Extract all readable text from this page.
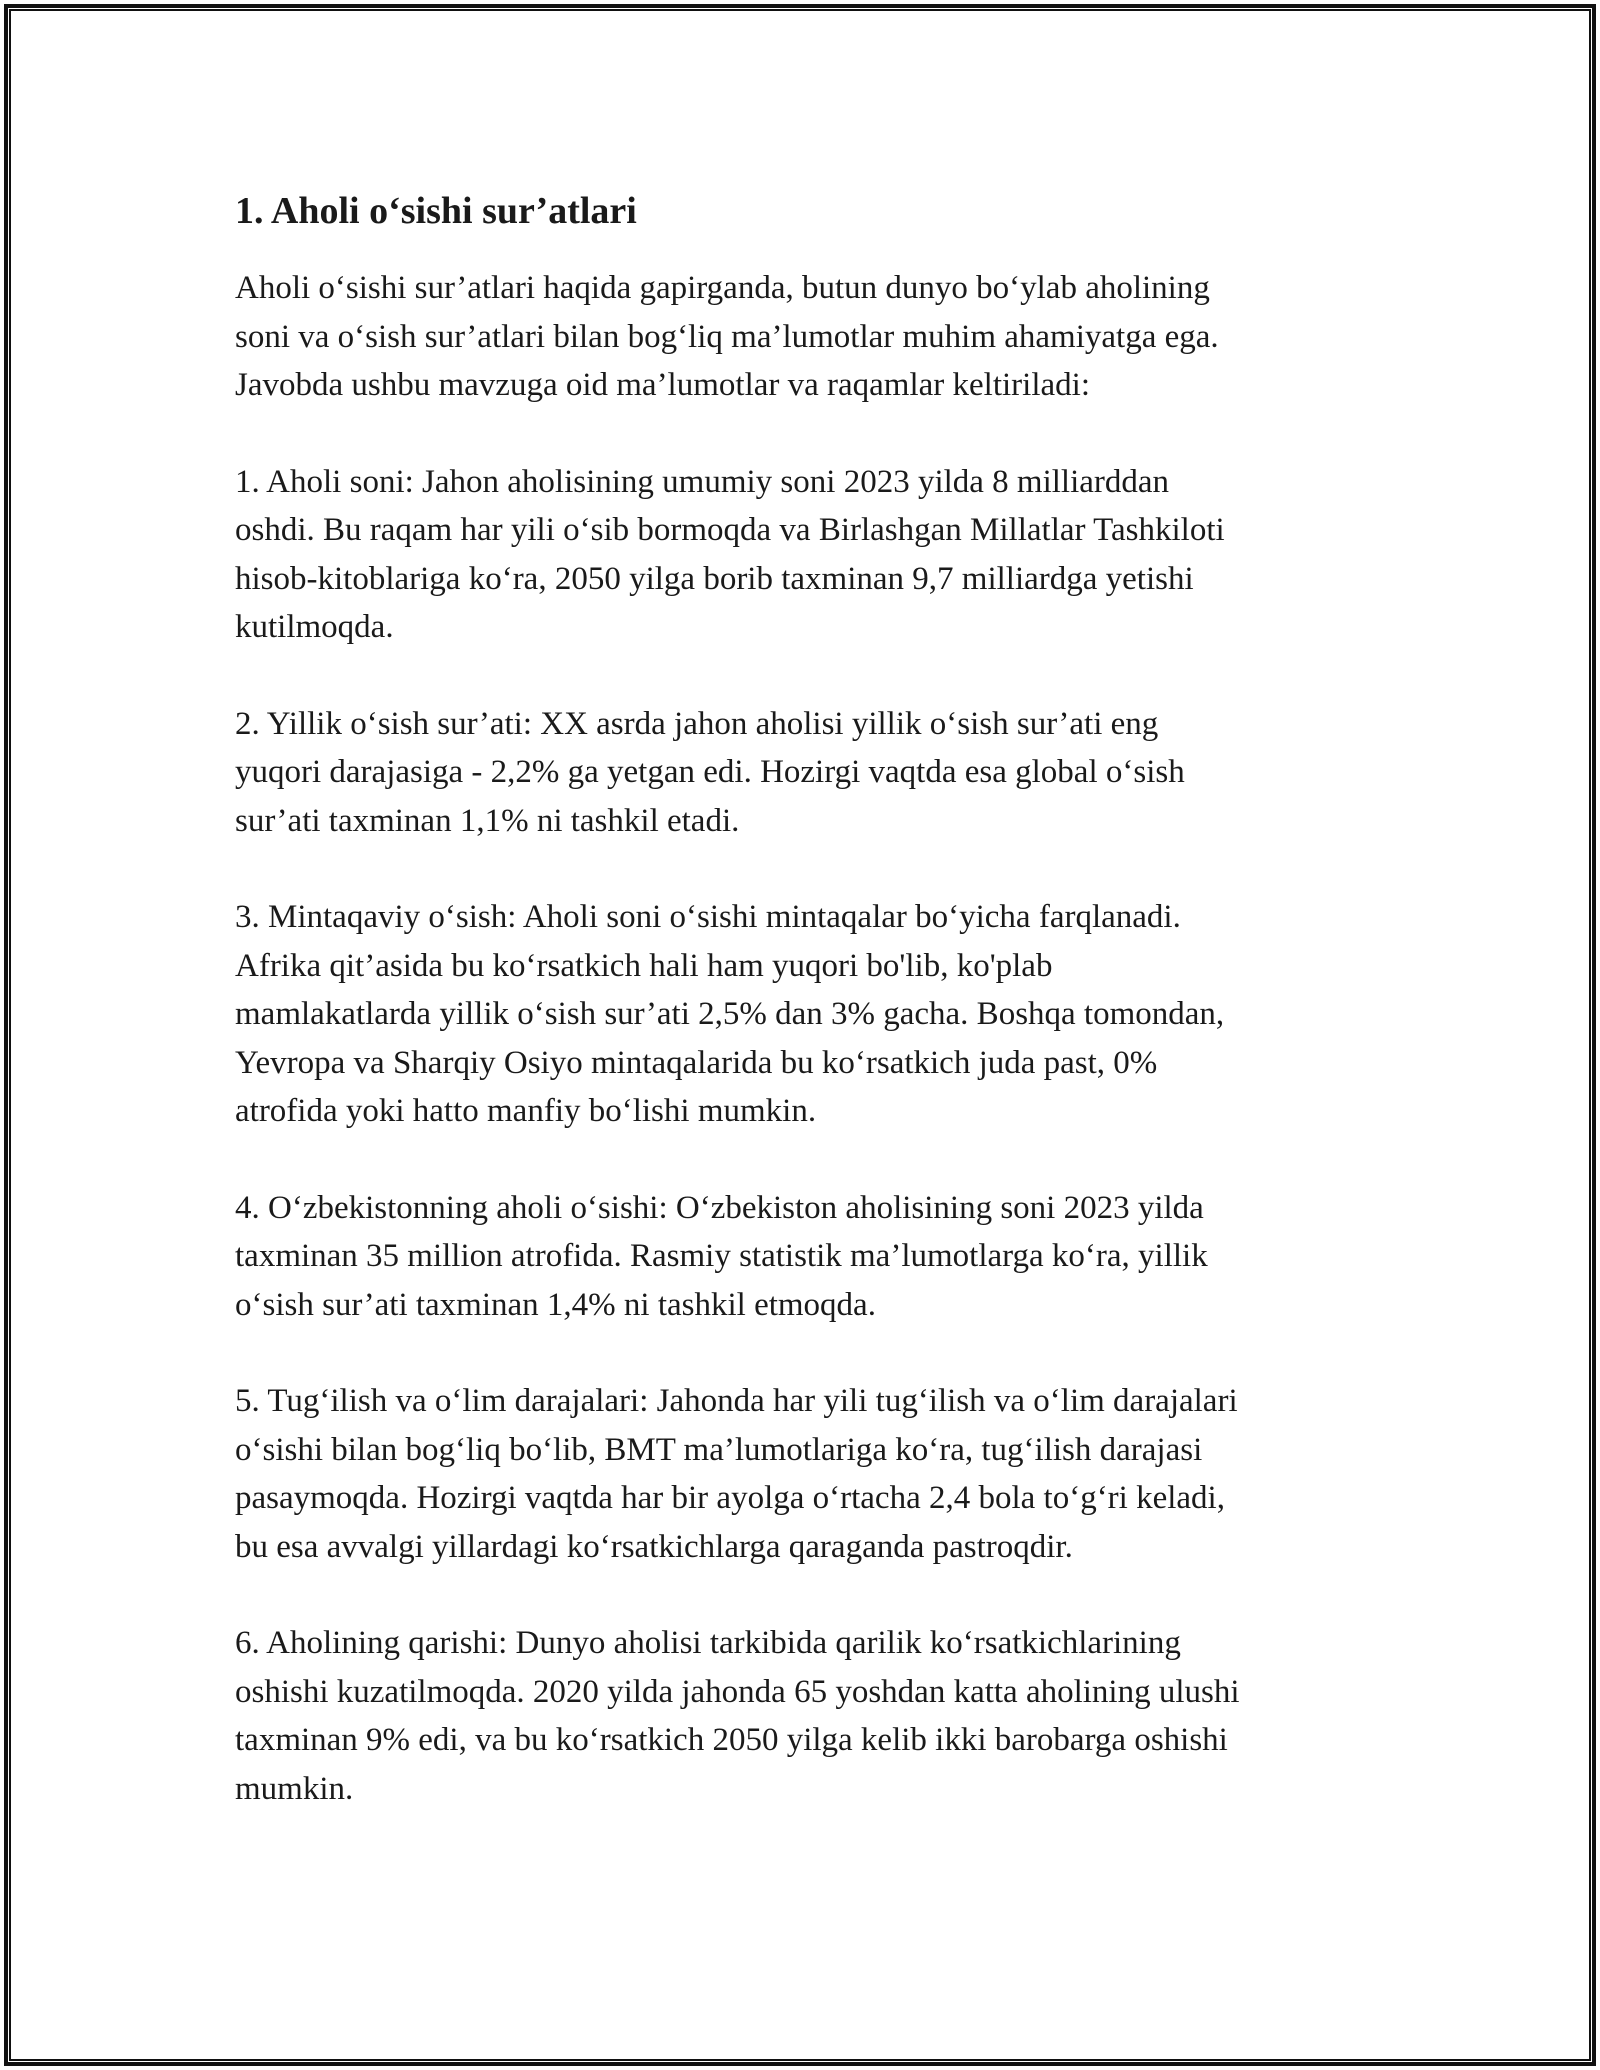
1. Aholi o‘sishi sur’atlari

Aholi o‘sishi sur’atlari haqida gapirganda, butun dunyo bo‘ylab aholining
soni va o‘sish sur’atlari bilan bog‘liq ma’lumotlar muhim ahamiyatga ega.
Javobda ushbu mavzuga oid ma’lumotlar va raqamlar keltiriladi:

1. Aholi soni: Jahon aholisining umumiy soni 2023 yilda 8 milliarddan
oshdi. Bu raqam har yili o‘sib bormoqda va Birlashgan Millatlar Tashkiloti
hisob-kitoblariga ko‘ra, 2050 yilga borib taxminan 9,7 milliardga yetishi
kutilmoqda.

2. Yillik o‘sish sur’ati: XX asrda jahon aholisi yillik o‘sish sur’ati eng
yuqori darajasiga - 2,2% ga yetgan edi. Hozirgi vaqtda esa global o‘sish
sur’ati taxminan 1,1% ni tashkil etadi.

3. Mintaqaviy o‘sish: Aholi soni o‘sishi mintaqalar bo‘yicha farqlanadi.
Afrika qit’asida bu ko‘rsatkich hali ham yuqori bo'lib, ko'plab
mamlakatlarda yillik o‘sish sur’ati 2,5% dan 3% gacha. Boshqa tomondan,
Yevropa va Sharqiy Osiyo mintaqalarida bu ko‘rsatkich juda past, 0%
atrofida yoki hatto manfiy bo‘lishi mumkin.

4. O‘zbekistonning aholi o‘sishi: O‘zbekiston aholisining soni 2023 yilda
taxminan 35 million atrofida. Rasmiy statistik ma’lumotlarga ko‘ra, yillik
o‘sish sur’ati taxminan 1,4% ni tashkil etmoqda.

5. Tug‘ilish va o‘lim darajalari: Jahonda har yili tug‘ilish va o‘lim darajalari
o‘sishi bilan bog‘liq bo‘lib, BMT ma’lumotlariga ko‘ra, tug‘ilish darajasi
pasaymoqda. Hozirgi vaqtda har bir ayolga o‘rtacha 2,4 bola to‘g‘ri keladi,
bu esa avvalgi yillardagi ko‘rsatkichlarga qaraganda pastroqdir.

6. Aholining qarishi: Dunyo aholisi tarkibida qarilik ko‘rsatkichlarining
oshishi kuzatilmoqda. 2020 yilda jahonda 65 yoshdan katta aholining ulushi
taxminan 9% edi, va bu ko‘rsatkich 2050 yilga kelib ikki barobarga oshishi
mumkin.
